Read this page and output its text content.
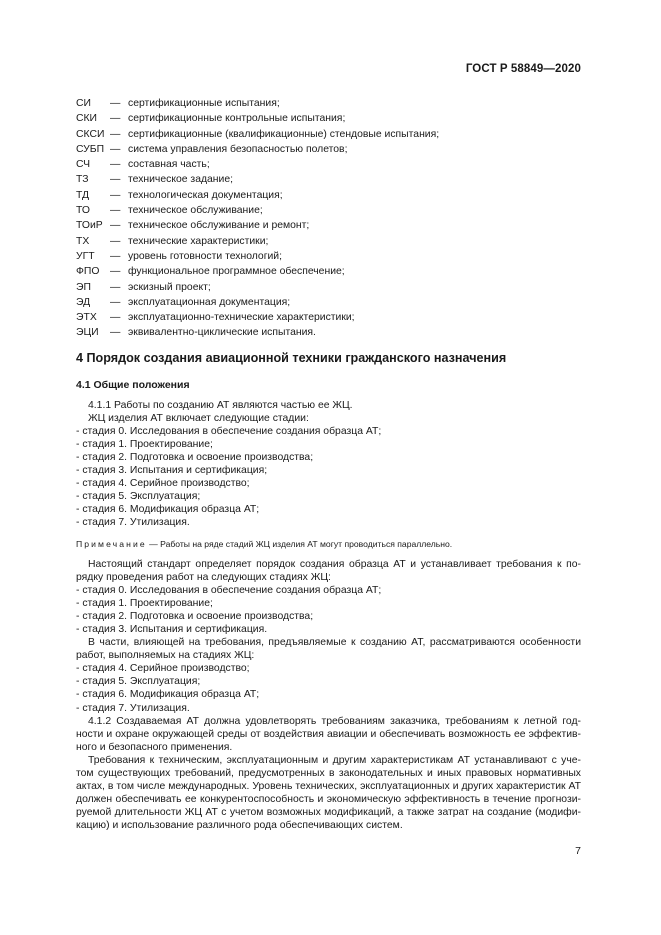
ГОСТ Р 58849—2020
СИ — сертификационные испытания;
СКИ — сертификационные контрольные испытания;
СКСИ — сертификационные (квалификационные) стендовые испытания;
СУБП — система управления безопасностью полетов;
СЧ — составная часть;
ТЗ — техническое задание;
ТД — технологическая документация;
ТО — техническое обслуживание;
ТОиР — техническое обслуживание и ремонт;
ТХ — технические характеристики;
УГТ — уровень готовности технологий;
ФПО — функциональное программное обеспечение;
ЭП — эскизный проект;
ЭД — эксплуатационная документация;
ЭТХ — эксплуатационно-технические характеристики;
ЭЦИ — эквивалентно-циклические испытания.
4 Порядок создания авиационной техники гражданского назначения
4.1 Общие положения
4.1.1 Работы по созданию АТ являются частью ее ЖЦ.
ЖЦ изделия АТ включает следующие стадии:
- стадия 0. Исследования в обеспечение создания образца АТ;
- стадия 1. Проектирование;
- стадия 2. Подготовка и освоение производства;
- стадия 3. Испытания и сертификация;
- стадия 4. Серийное производство;
- стадия 5. Эксплуатация;
- стадия 6. Модификация образца АТ;
- стадия 7. Утилизация.
Примечание — Работы на ряде стадий ЖЦ изделия АТ могут проводиться параллельно.
Настоящий стандарт определяет порядок создания образца АТ и устанавливает требования к по-
рядку проведения работ на следующих стадиях ЖЦ:
- стадия 0. Исследования в обеспечение создания образца АТ;
- стадия 1. Проектирование;
- стадия 2. Подготовка и освоение производства;
- стадия 3. Испытания и сертификация.
В части, влияющей на требования, предъявляемые к созданию АТ, рассматриваются особенности
работ, выполняемых на стадиях ЖЦ:
- стадия 4. Серийное производство;
- стадия 5. Эксплуатация;
- стадия 6. Модификация образца АТ;
- стадия 7. Утилизация.
4.1.2 Создаваемая АТ должна удовлетворять требованиям заказчика, требованиям к летной год-
ности и охране окружающей среды от воздействия авиации и обеспечивать возможность ее эффектив-
ного и безопасного применения.
Требования к техническим, эксплуатационным и другим характеристикам АТ устанавливают с уче-
том существующих требований, предусмотренных в законодательных и иных правовых нормативных
актах, в том числе международных. Уровень технических, эксплуатационных и других характеристик АТ
должен обеспечивать ее конкурентоспособность и экономическую эффективность в течение прогнози-
руемой длительности ЖЦ АТ с учетом возможных модификаций, а также затрат на создание (модифи-
кацию) и использование различного рода обеспечивающих систем.
7
